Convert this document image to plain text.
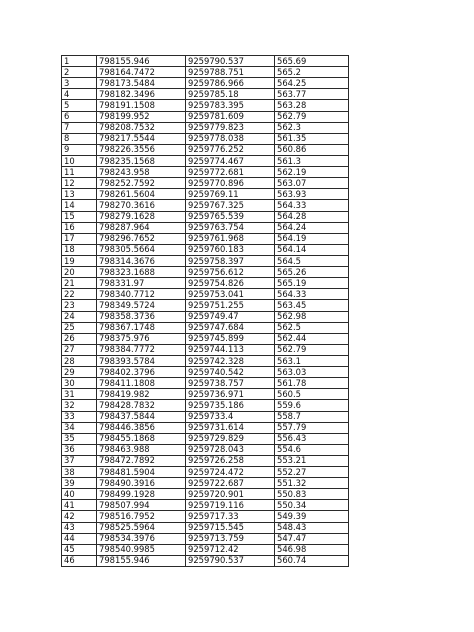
1	798155.946	9259790.537	565.69
2	798164.7472	9259788.751	565.2
3	798173.5484	9259786.966	564.25
4	798182.3496	9259785.18	563.77
5	798191.1508	9259783.395	563.28
6	798199.952	9259781.609	562.79
7	798208.7532	9259779.823	562.3
8	798217.5544	9259778.038	561.35
9	798226.3556	9259776.252	560.86
10	798235.1568	9259774.467	561.3
11	798243.958	9259772.681	562.19
12	798252.7592	9259770.896	563.07
13	798261.5604	9259769.11	563.93
14	798270.3616	9259767.325	564.33
15	798279.1628	9259765.539	564.28
16	798287.964	9259763.754	564.24
17	798296.7652	9259761.968	564.19
18	798305.5664	9259760.183	564.14
19	798314.3676	9259758.397	564.5
20	798323.1688	9259756.612	565.26
21	798331.97	9259754.826	565.19
22	798340.7712	9259753.041	564.33
23	798349.5724	9259751.255	563.45
24	798358.3736	9259749.47	562.98
25	798367.1748	9259747.684	562.5
26	798375.976	9259745.899	562.44
27	798384.7772	9259744.113	562.79
28	798393.5784	9259742.328	563.1
29	798402.3796	9259740.542	563.03
30	798411.1808	9259738.757	561.78
31	798419.982	9259736.971	560.5
32	798428.7832	9259735.186	559.6
33	798437.5844	9259733.4	558.7
34	798446.3856	9259731.614	557.79
35	798455.1868	9259729.829	556.43
36	798463.988	9259728.043	554.6
37	798472.7892	9259726.258	553.21
38	798481.5904	9259724.472	552.27
39	798490.3916	9259722.687	551.32
40	798499.1928	9259720.901	550.83
41	798507.994	9259719.116	550.34
42	798516.7952	9259717.33	549.39
43	798525.5964	9259715.545	548.43
44	798534.3976	9259713.759	547.47
45	798540.9985	9259712.42	546.98
46	798155.946	9259790.537	560.74
